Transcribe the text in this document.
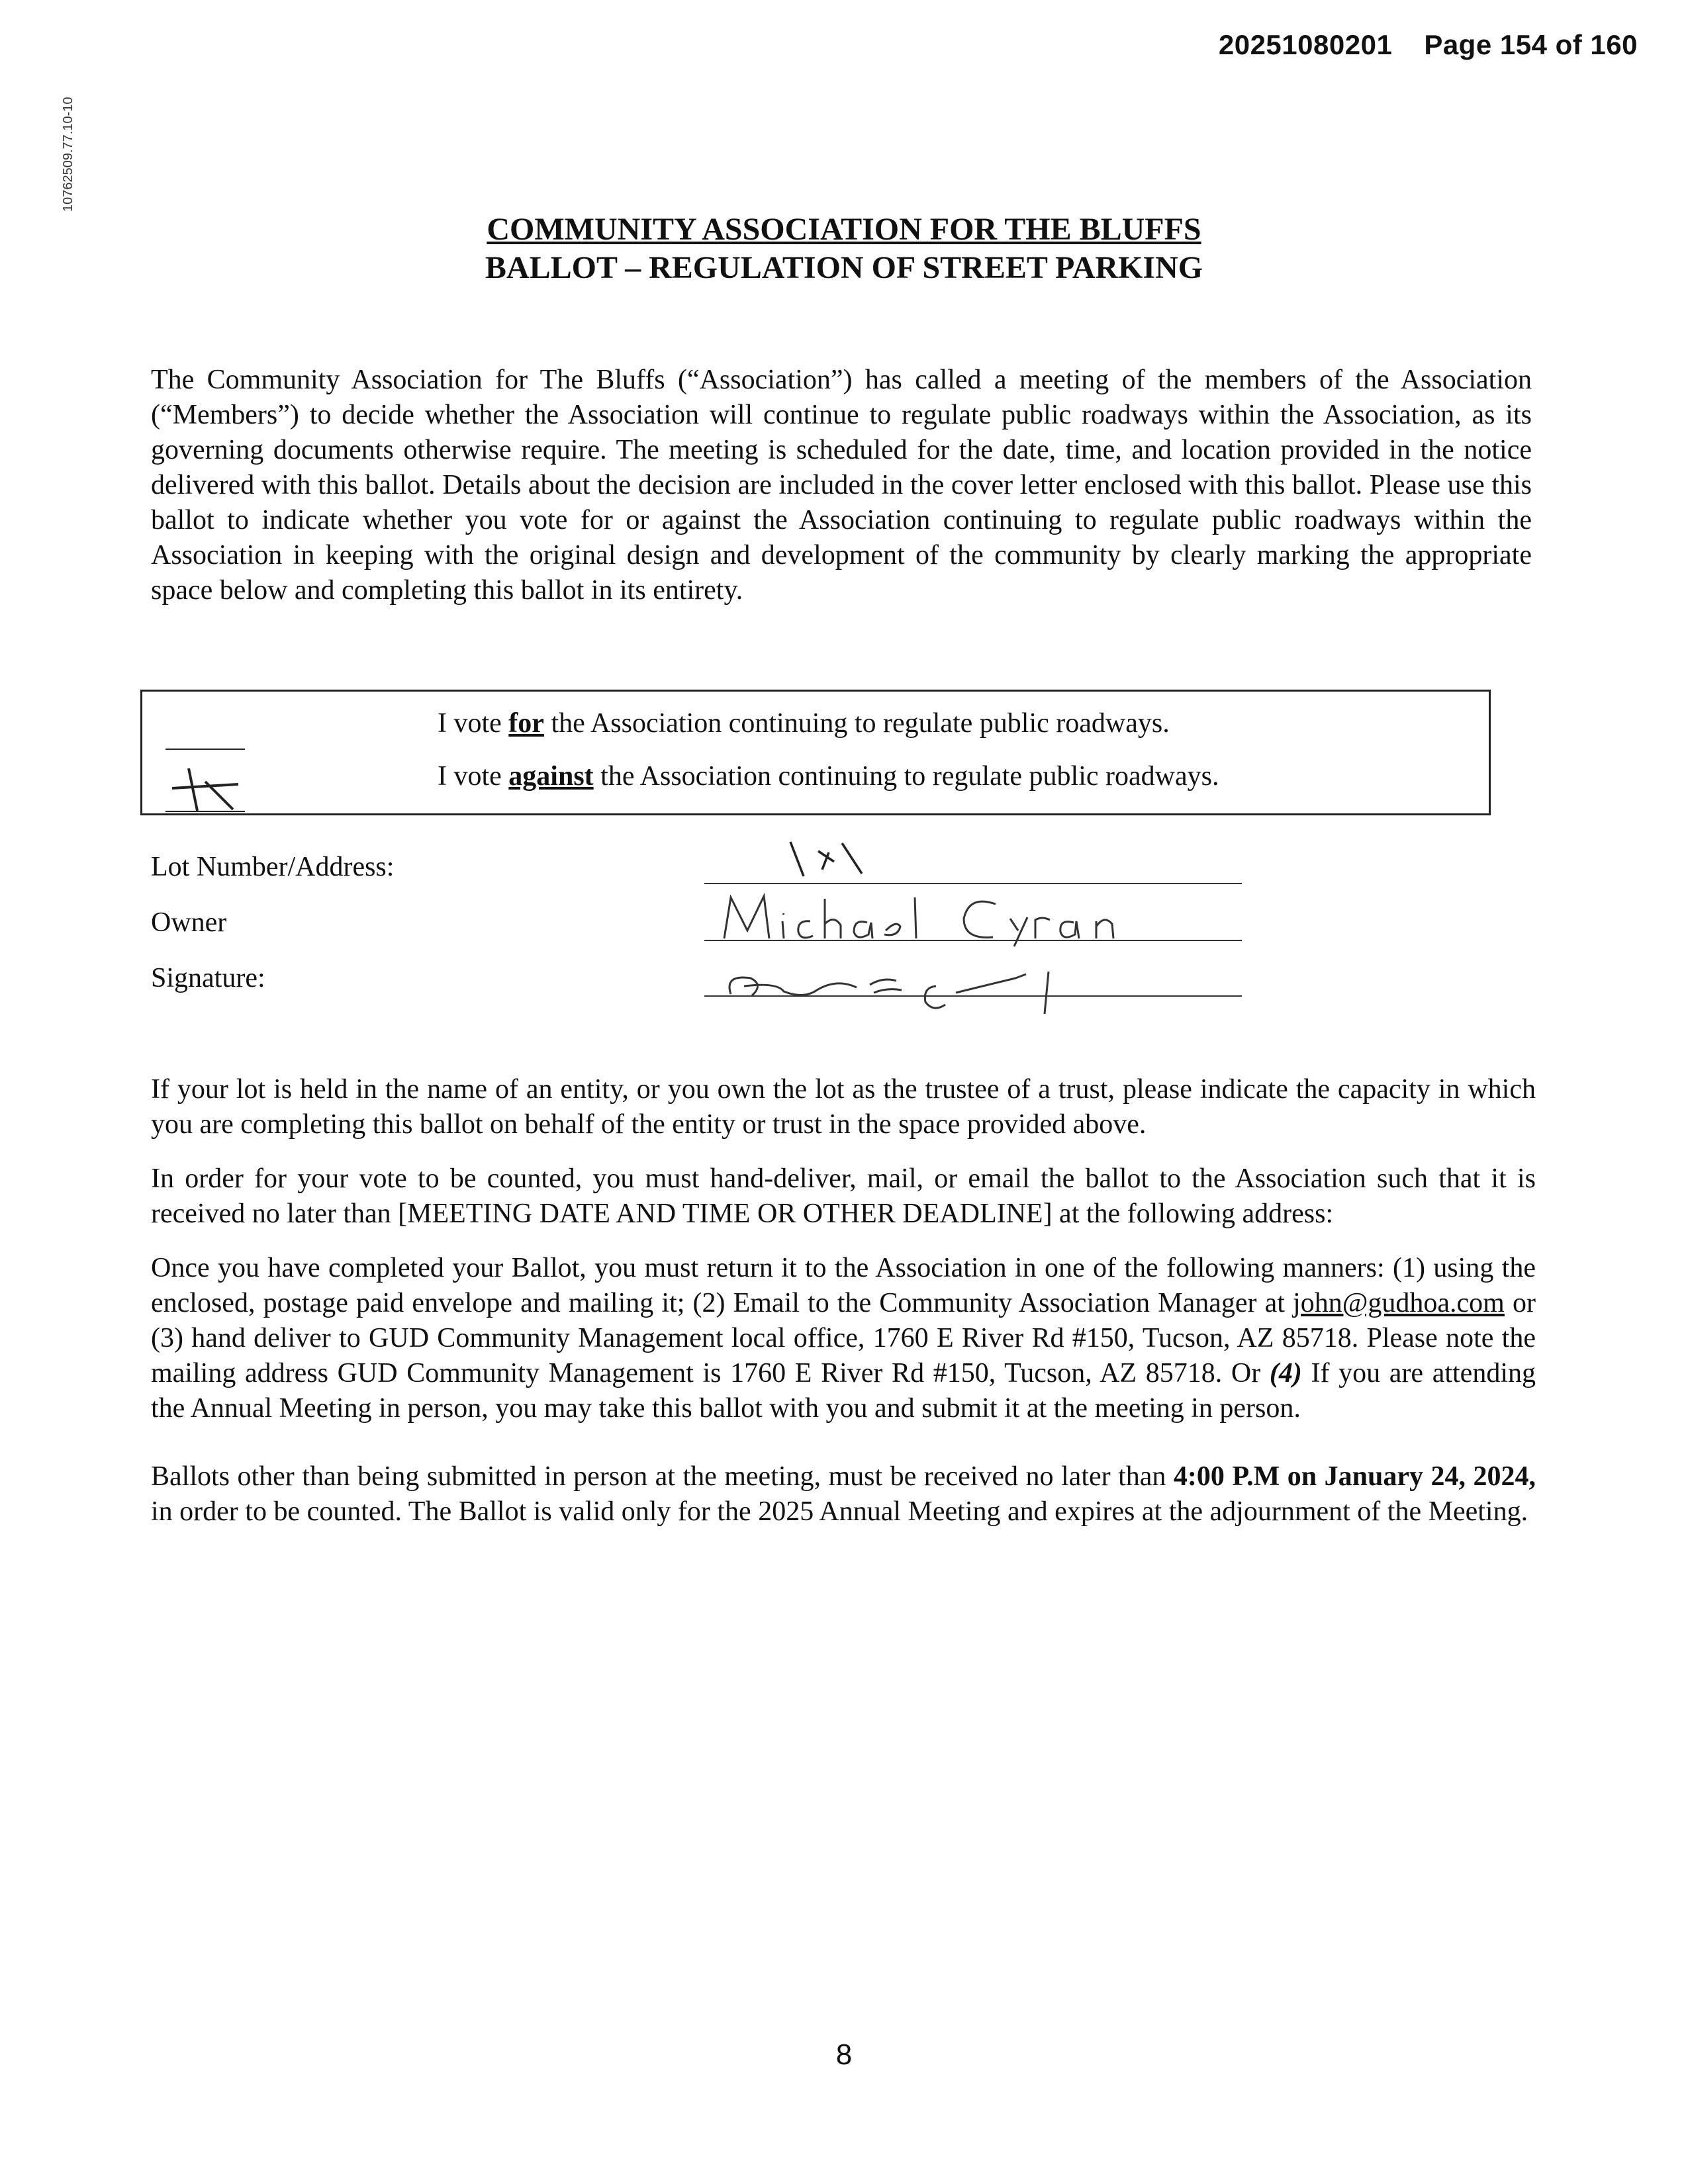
20251080201 Page 154 of 160
10762509.77.10-10
COMMUNITY ASSOCIATION FOR THE BLUFFS
BALLOT – REGULATION OF STREET PARKING
The Community Association for The Bluffs (“Association”) has called a meeting of the members of the Association (“Members”) to decide whether the Association will continue to regulate public roadways within the Association, as its governing documents otherwise require. The meeting is scheduled for the date, time, and location provided in the notice delivered with this ballot. Details about the decision are included in the cover letter enclosed with this ballot. Please use this ballot to indicate whether you vote for or against the Association continuing to regulate public roadways within the Association in keeping with the original design and development of the community by clearly marking the appropriate space below and completing this ballot in its entirety.
I vote for the Association continuing to regulate public roadways.
I vote against the Association continuing to regulate public roadways.
Lot Number/Address:
Owner
Signature:
If your lot is held in the name of an entity, or you own the lot as the trustee of a trust, please indicate the capacity in which you are completing this ballot on behalf of the entity or trust in the space provided above.
In order for your vote to be counted, you must hand-deliver, mail, or email the ballot to the Association such that it is received no later than [MEETING DATE AND TIME OR OTHER DEADLINE] at the following address:
Once you have completed your Ballot, you must return it to the Association in one of the following manners: (1) using the enclosed, postage paid envelope and mailing it; (2) Email to the Community Association Manager at john@gudhoa.com or (3) hand deliver to GUD Community Management local office, 1760 E River Rd #150, Tucson, AZ 85718. Please note the mailing address GUD Community Management is 1760 E River Rd #150, Tucson, AZ 85718. Or (4) If you are attending the Annual Meeting in person, you may take this ballot with you and submit it at the meeting in person.
Ballots other than being submitted in person at the meeting, must be received no later than 4:00 P.M on January 24, 2024, in order to be counted. The Ballot is valid only for the 2025 Annual Meeting and expires at the adjournment of the Meeting.
8
